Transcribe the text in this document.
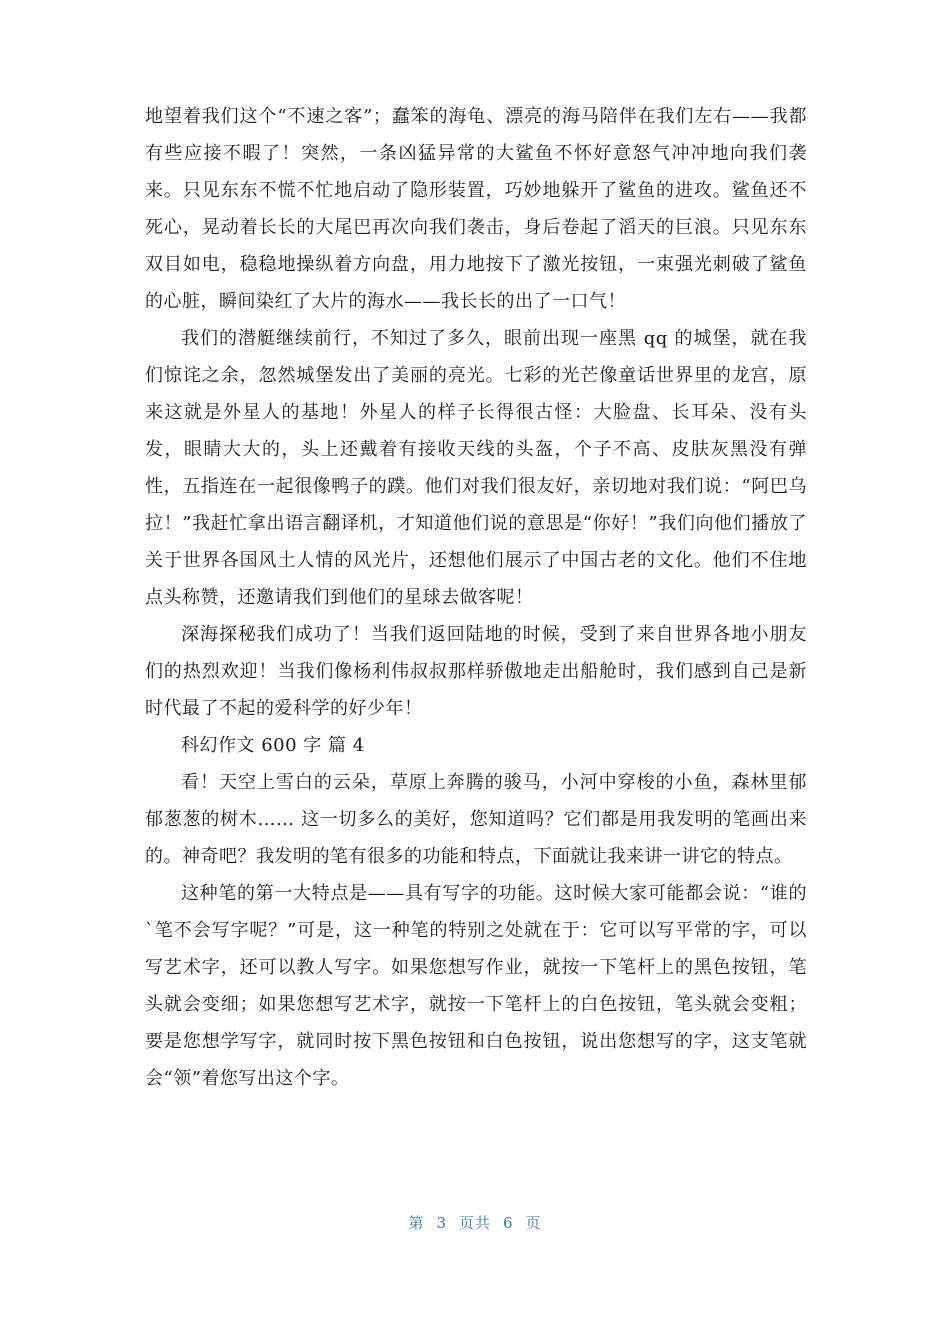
地望着我们这个“不速之客”；蠢笨的海龟、漂亮的海马陪伴在我们左右——我都有些应接不暇了！突然，一条凶猛异常的大鲨鱼不怀好意怒气冲冲地向我们袭来。只见东东不慌不忙地启动了隐形装置，巧妙地躲开了鲨鱼的进攻。鲨鱼还不死心，晃动着长长的大尾巴再次向我们袭击，身后卷起了滔天的巨浪。只见东东双目如电，稳稳地操纵着方向盘，用力地按下了激光按钮，一束强光刺破了鲨鱼的心脏，瞬间染红了大片的海水——我长长的出了一口气！

我们的潜艇继续前行，不知过了多久，眼前出现一座黑 qq 的城堡，就在我们惊诧之余，忽然城堡发出了美丽的亮光。七彩的光芒像童话世界里的龙宫，原来这就是外星人的基地！外星人的样子长得很古怪：大脸盘、长耳朵、没有头发，眼睛大大的，头上还戴着有接收天线的头盔，个子不高、皮肤灰黑没有弹性，五指连在一起很像鸭子的蹼。他们对我们很友好，亲切地对我们说：“阿巴乌拉！”我赶忙拿出语言翻译机，才知道他们说的意思是“你好！”我们向他们播放了关于世界各国风土人情的风光片，还想他们展示了中国古老的文化。他们不住地点头称赞，还邀请我们到他们的星球去做客呢！

深海探秘我们成功了！当我们返回陆地的时候，受到了来自世界各地小朋友们的热烈欢迎！当我们像杨利伟叔叔那样骄傲地走出船舱时，我们感到自己是新时代最了不起的爱科学的好少年！

科幻作文 600 字 篇 4

看！天空上雪白的云朵，草原上奔腾的骏马，小河中穿梭的小鱼，森林里郁郁葱葱的树木…… 这一切多么的美好，您知道吗？它们都是用我发明的笔画出来的。神奇吧？我发明的笔有很多的功能和特点，下面就让我来讲一讲它的特点。

这种笔的第一大特点是——具有写字的功能。这时候大家可能都会说：“谁的`笔不会写字呢？”可是，这一种笔的特别之处就在于：它可以写平常的字，可以写艺术字，还可以教人写字。如果您想写作业，就按一下笔杆上的黑色按钮，笔头就会变细；如果您想写艺术字，就按一下笔杆上的白色按钮，笔头就会变粗；要是您想学写字，就同时按下黑色按钮和白色按钮，说出您想写的字，这支笔就会“领”着您写出这个字。

第 3 页共 6 页
